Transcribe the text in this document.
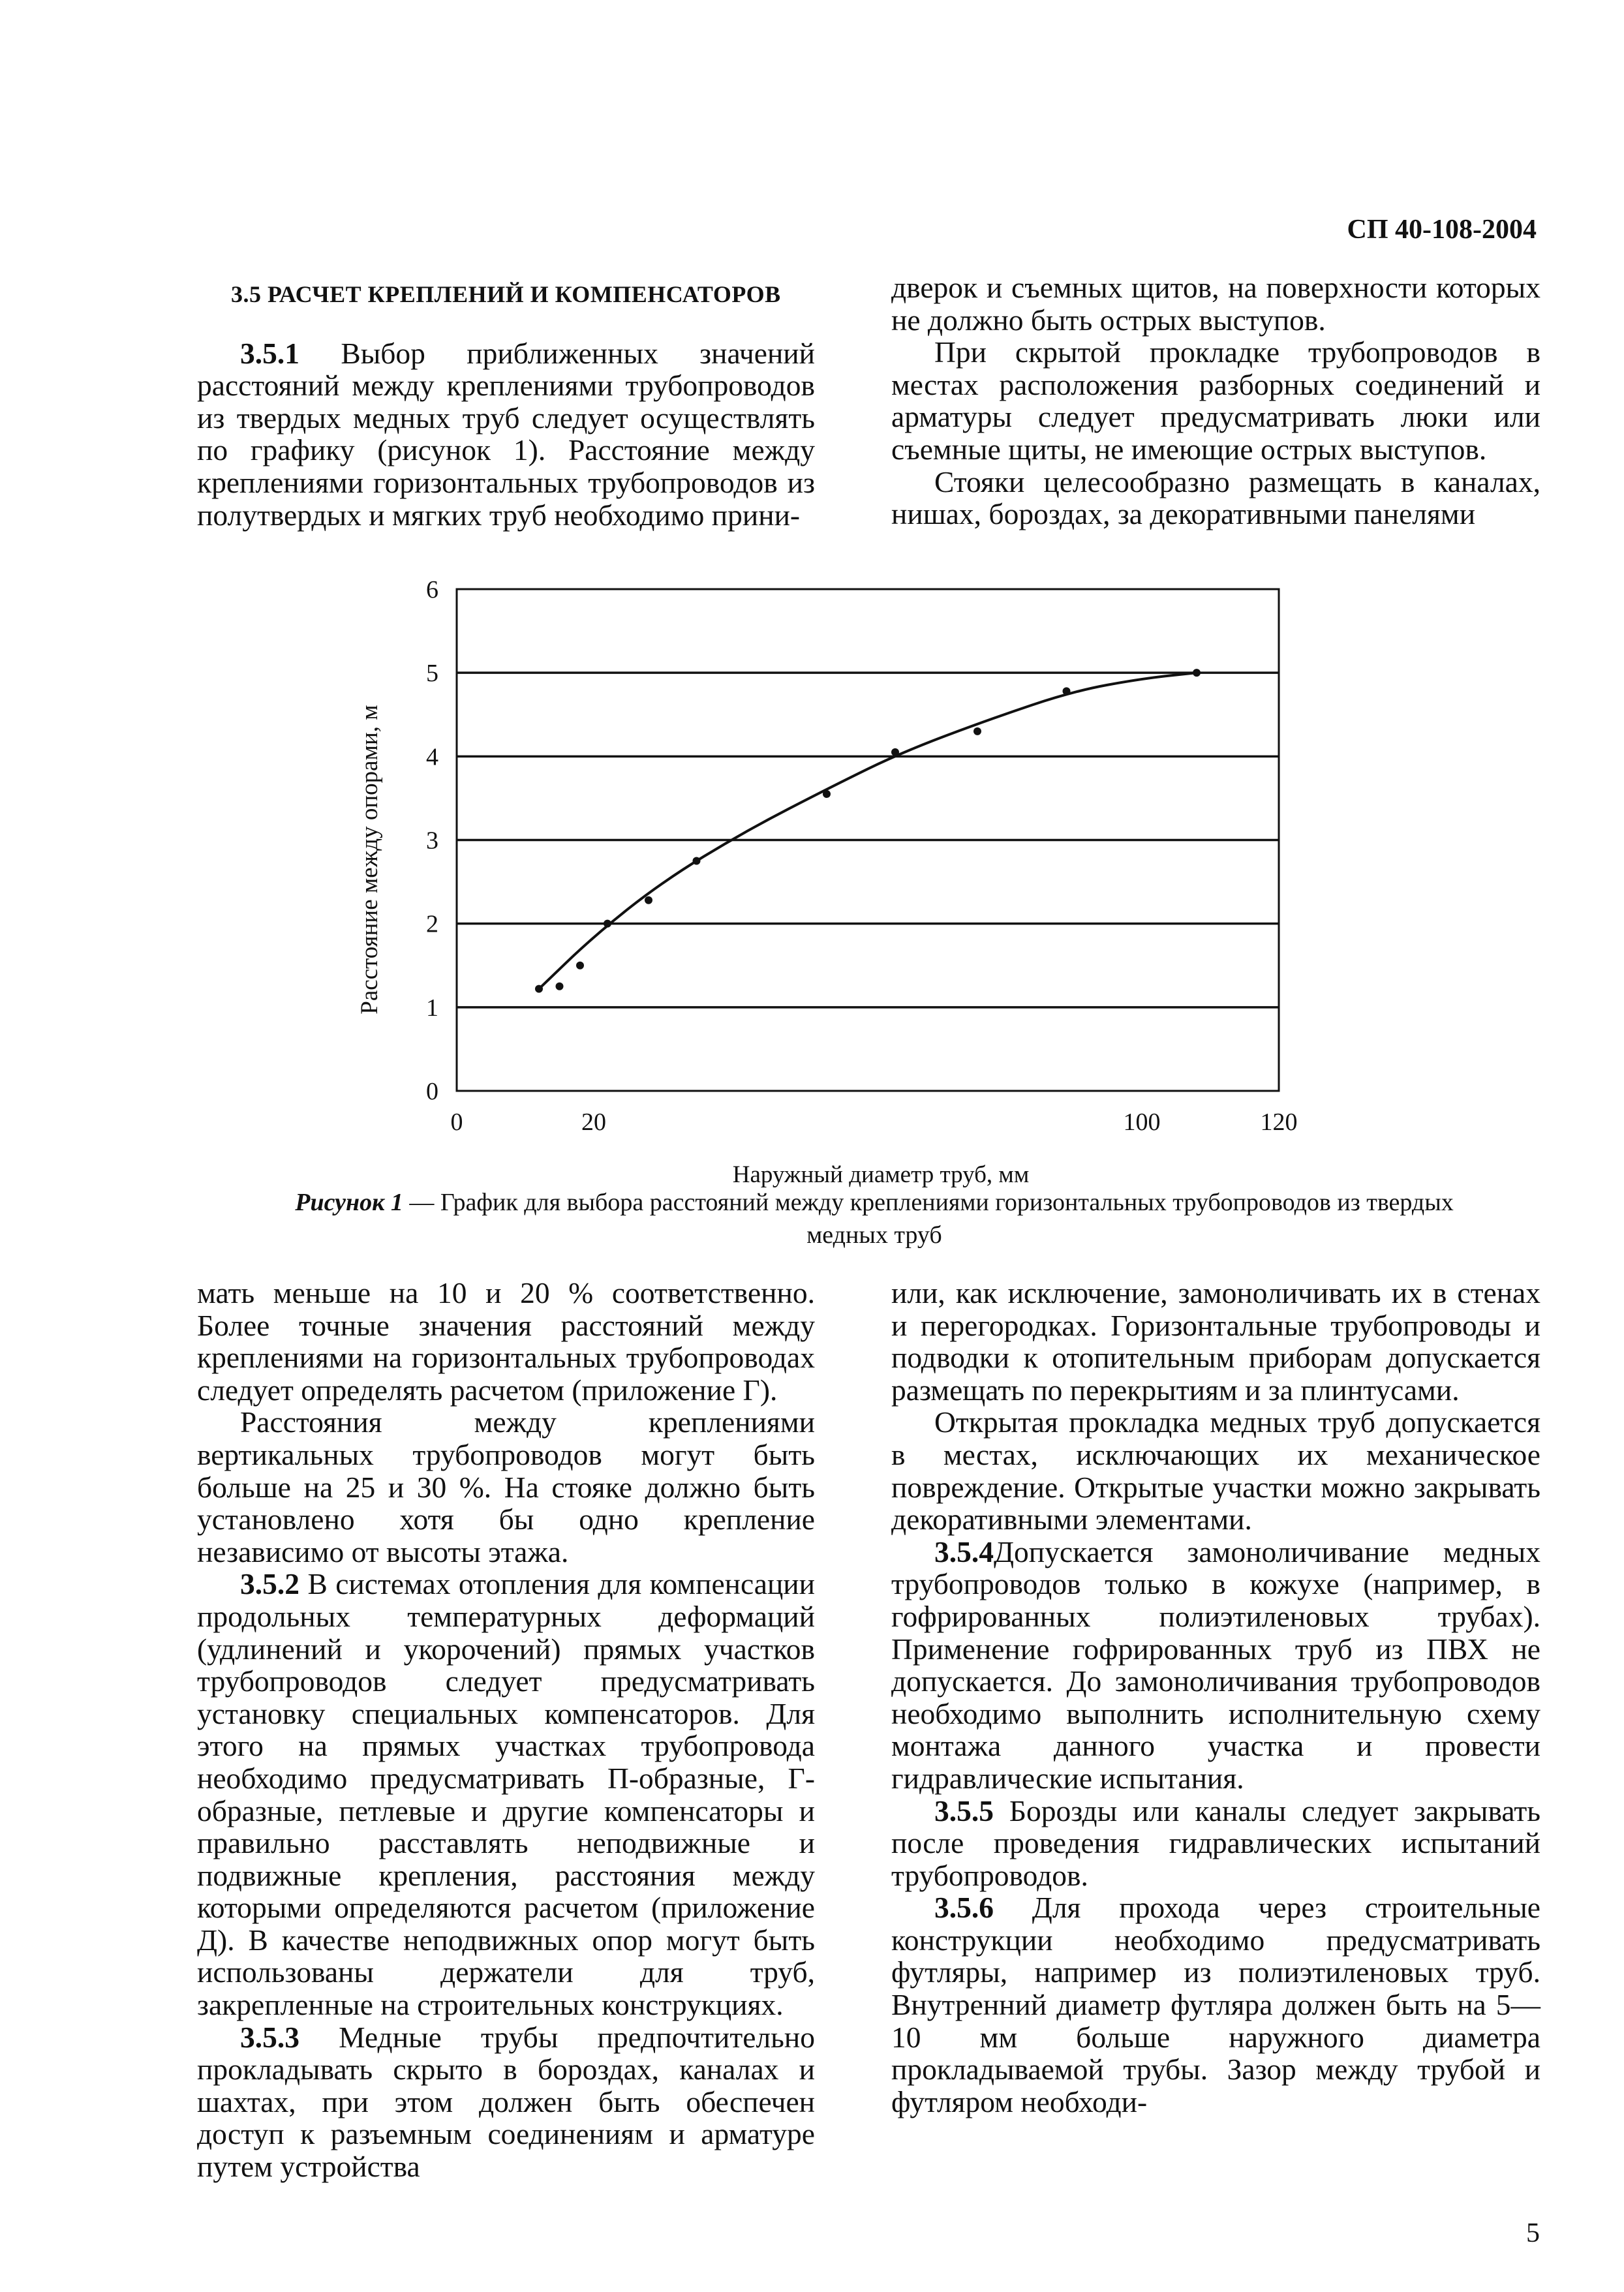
СП 40-108-2004
3.5 РАСЧЕТ КРЕПЛЕНИЙ И КОМПЕНСАТОРОВ

3.5.1 Выбор приближенных значений расстояний между креплениями трубопроводов из твердых медных труб следует осуществлять по графику (рисунок 1). Расстояние между креплениями горизонтальных трубопроводов из полутвердых и мягких труб необходимо прини-

дверок и съемных щитов, на поверхности которых не должно быть острых выступов.

При скрытой прокладке трубопроводов в местах расположения разборных соединений и арматуры следует предусматривать люки или съемные щиты, не имеющие острых выступов.

Стояки целесообразно размещать в каналах, нишах, бороздах, за декоративными панелями

0
1
2
3
4
5
6
0	20	100	120
Расстояние между опорами, м
Наружный диаметр труб, мм
Рисунок 1 — График для выбора расстояний между креплениями горизонтальных трубопроводов из твердых медных труб

мать меньше на 10 и 20 % соответственно. Более точные значения расстояний между креплениями на горизонтальных трубопроводах следует определять расчетом (приложение Г).

Расстояния между креплениями вертикальных трубопроводов могут быть больше на 25 и 30 %. На стояке должно быть установлено хотя бы одно крепление независимо от высоты этажа.

3.5.2 В системах отопления для компенсации продольных температурных деформаций (удлинений и укорочений) прямых участков трубопроводов следует предусматривать установку специальных компенсаторов. Для этого на прямых участках трубопровода необходимо предусматривать П-образные, Г-образные, петлевые и другие компенсаторы и правильно расставлять неподвижные и подвижные крепления, расстояния между которыми определяются расчетом (приложение Д). В качестве неподвижных опор могут быть использованы держатели для труб, закрепленные на строительных конструкциях.

3.5.3 Медные трубы предпочтительно прокладывать скрыто в бороздах, каналах и шахтах, при этом должен быть обеспечен доступ к разъемным соединениям и арматуре путем устройства

или, как исключение, замоноличивать их в стенах и перегородках. Горизонтальные трубопроводы и подводки к отопительным приборам допускается размещать по перекрытиям и за плинтусами.

Открытая прокладка медных труб допускается в местах, исключающих их механическое повреждение. Открытые участки можно закрывать декоративными элементами.

3.5.4Допускается замоноличивание медных трубопроводов только в кожухе (например, в гофрированных полиэтиленовых трубах). Применение гофрированных труб из ПВХ не допускается. До замоноличивания трубопроводов необходимо выполнить исполнительную схему монтажа данного участка и провести гидравлические испытания.

3.5.5 Борозды или каналы следует закрывать после проведения гидравлических испытаний трубопроводов.

3.5.6 Для прохода через строительные конструкции необходимо предусматривать футляры, например из полиэтиленовых труб. Внутренний диаметр футляра должен быть на 5—10 мм больше наружного диаметра прокладываемой трубы. Зазор между трубой и футляром необходи-

5
